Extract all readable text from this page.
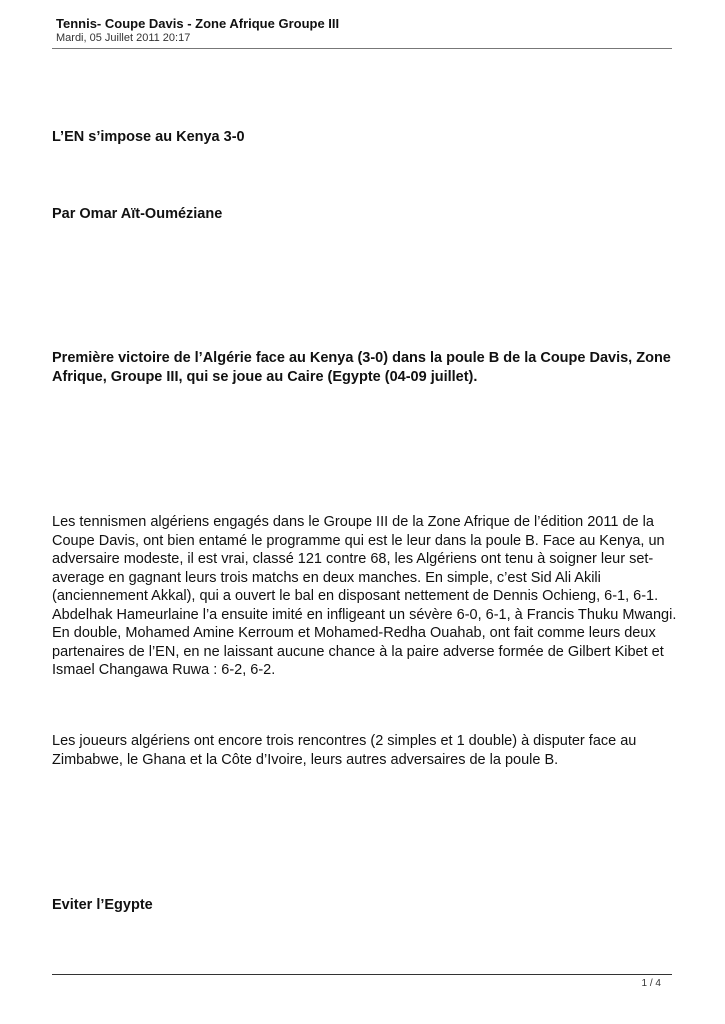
Tennis- Coupe Davis - Zone Afrique Groupe III
Mardi, 05 Juillet 2011 20:17
L’EN s’impose au Kenya 3-0
Par Omar Aït-Ouméziane
Première victoire de l’Algérie face au Kenya (3-0) dans la poule B de la Coupe Davis, Zone Afrique, Groupe III, qui se joue au Caire (Egypte (04-09 juillet).
Les tennismen algériens engagés dans le Groupe III de la Zone Afrique de l’édition 2011 de la Coupe Davis, ont bien entamé le programme qui est le leur dans la poule B. Face au Kenya, un adversaire modeste, il est vrai, classé 121 contre 68, les Algériens ont tenu à soigner leur set-average en gagnant leurs trois matchs en deux manches. En simple, c’est Sid Ali Akili (anciennement Akkal), qui a ouvert le bal en disposant nettement de Dennis Ochieng, 6-1, 6-1. Abdelhak Hameurlaine l’a ensuite imité en infligeant un sévère 6-0, 6-1, à Francis Thuku Mwangi. En double, Mohamed Amine Kerroum et Mohamed-Redha Ouahab, ont fait comme leurs deux partenaires de l’EN, en ne laissant aucune chance à la paire adverse formée de Gilbert Kibet et Ismael Changawa Ruwa : 6-2, 6-2.
Les joueurs algériens ont encore trois rencontres (2 simples et 1 double) à disputer face au Zimbabwe, le Ghana et la Côte d’Ivoire, leurs autres adversaires de la poule B.
Eviter l’Egypte
1 / 4
